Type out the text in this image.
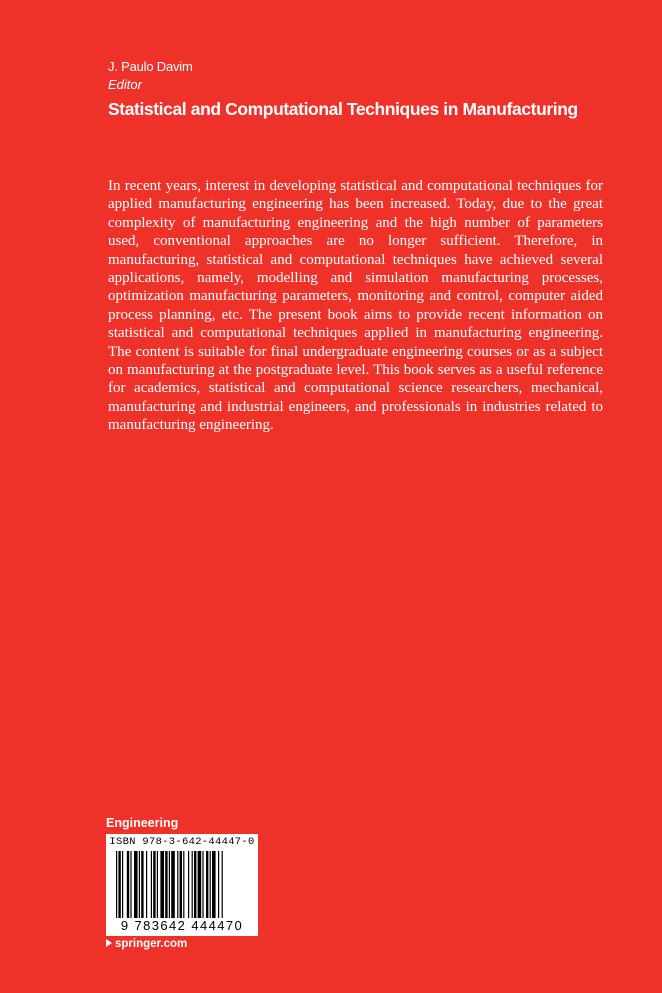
J. Paulo Davim
Editor
Statistical and Computational Techniques in Manufacturing
In recent years, interest in developing statistical and computational techniques for applied manufacturing engineering has been increased. Today, due to the great complexity of manufacturing engineering and the high number of parameters used, conventional approaches are no longer sufficient. Therefore, in manufacturing, statistical and computational techniques have achieved several applications, namely, modelling and simulation manufacturing processes, optimization manufacturing parameters, monitoring and control, computer aided process planning, etc. The present book aims to provide recent information on statistical and computational techniques applied in manufacturing engineering. The content is suitable for final undergraduate engineering courses or as a subject on manufacturing at the postgraduate level. This book serves as a useful reference for academics, statistical and computational science researchers, mechanical, manufacturing and industrial engineers, and professionals in industries related to manufacturing engineering.
Engineering
ISBN 978-3-642-44447-0
9 783642 444470
springer.com
